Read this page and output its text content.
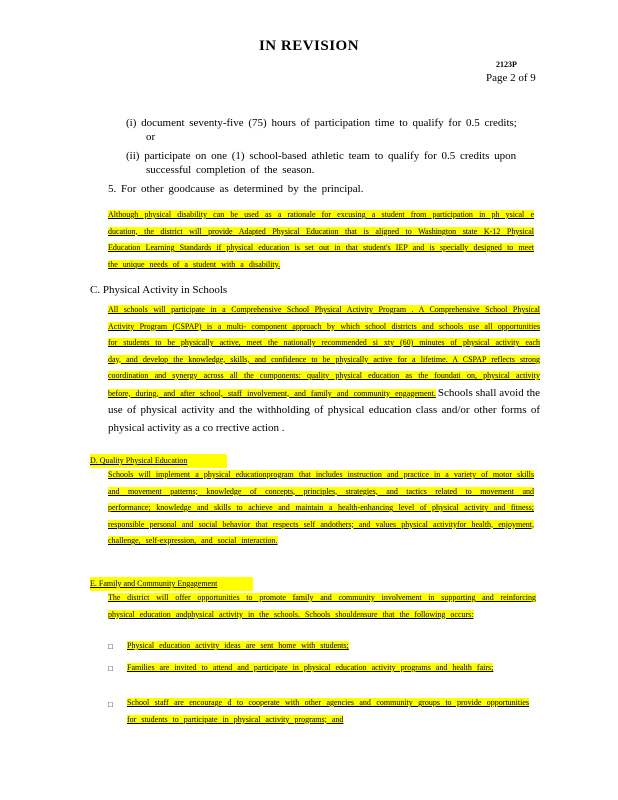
IN REVISION
2123P
Page 2 of 9
(i) document seventy-five (75) hours of participation time to qualify for 0.5 credits;
or
(ii) participate on one (1) school-based athletic team to qualify for 0.5 credits upon
successful completion of the season.
5. For other goodcause as determined by the principal.
Although physical disability can be used as a rationale for excusing a student from participation in ph ysical e ducation, the district will provide Adapted Physical Education that is aligned to Washington state K-12 Physical Education Learning Standards if physical education is set out in that student's IEP and is specially designed to meet the unique needs of a student with a disability.
C. Physical Activity in Schools
All schools will participate in a Comprehensive School Physical Activity Program . A Comprehensive School Physical Activity Program (CSPAP) is a multi- component approach by which school districts and schools use all opportunities for students to be physically active, meet the nationally recommended si xty (60) minutes of physical activity each day, and develop the knowledge, skills, and confidence to be physically active for a lifetime. A CSPAP reflects strong coordination and synergy across all the components: quality physical education as the foundati on, physical activity before, during, and after school, staff involvement, and family and community engagement. Schools shall avoid the use of physical activity and the withholding of physical education class and/or other forms of physical activity as a co rrective action .
D. Quality Physical Education
Schools will implement a physical educationprogram that includes instruction and practice in a variety of motor skills and movement patterns; knowledge of concepts, principles, strategies, and tactics related to movement and performance; knowledge and skills to achieve and maintain a health-enhancing level of physical activity and fitness; responsible personal and social behavior that respects self andothers; and values physical activityfor health, enjoyment, challenge, self-expression, and social interaction.
E. Family and Community Engagement
The district will offer opportunities to promote family and community involvement in supporting and reinforcing physical education andphysical activity in the schools. Schools shouldensure that the following occurs:
□ Physical education activity ideas are sent home with students;
□ Families are invited to attend and participate in physical education activity programs and health fairs;
□ School staff are encourage d to cooperate with other agencies and community groups to provide opportunities for students to participate in physical activity programs; and
